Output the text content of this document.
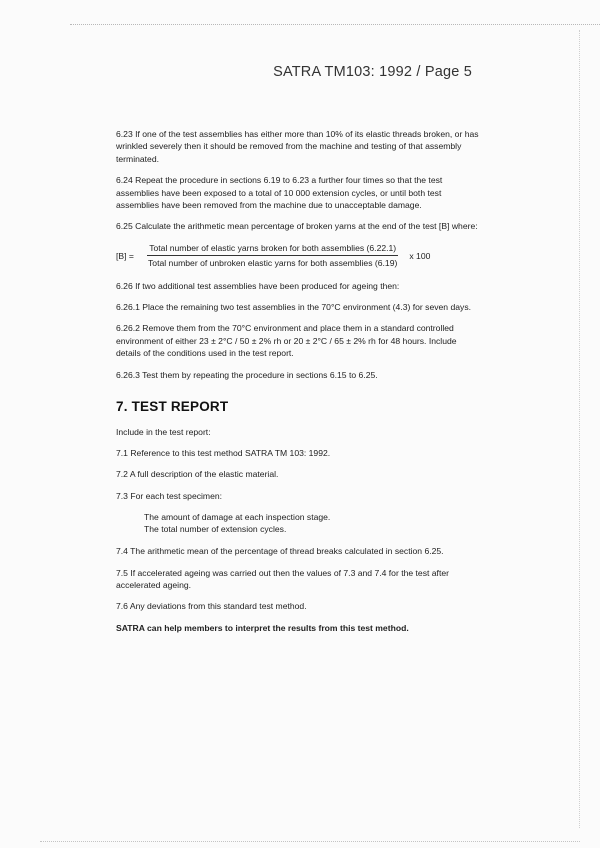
SATRA TM103: 1992 / Page 5

6.23 If one of the test assemblies has either more than 10% of its elastic threads broken, or has wrinkled severely then it should be removed from the machine and testing of that assembly terminated.

6.24 Repeat the procedure in sections 6.19 to 6.23 a further four times so that the test assemblies have been exposed to a total of 10 000 extension cycles, or until both test assemblies have been removed from the machine due to unacceptable damage.

6.25 Calculate the arithmetic mean percentage of broken yarns at the end of the test [B] where:

[B] =
Total number of elastic yarns broken for both assemblies (6.22.1)
Total number of unbroken elastic yarns for both assemblies (6.19)
x 100

6.26 If two additional test assemblies have been produced for ageing then:

6.26.1 Place the remaining two test assemblies in the 70°C environment (4.3) for seven days.

6.26.2 Remove them from the 70°C environment and place them in a standard controlled environment of either 23 ± 2°C / 50 ± 2% rh or 20 ± 2°C / 65 ± 2% rh for 48 hours. Include details of the conditions used in the test report.

6.26.3 Test them by repeating the procedure in sections 6.15 to 6.25.

7. TEST REPORT

Include in the test report:

7.1 Reference to this test method SATRA TM 103: 1992.

7.2 A full description of the elastic material.

7.3 For each test specimen:

The amount of damage at each inspection stage.
The total number of extension cycles.

7.4 The arithmetic mean of the percentage of thread breaks calculated in section 6.25.

7.5 If accelerated ageing was carried out then the values of 7.3 and 7.4 for the test after accelerated ageing.

7.6 Any deviations from this standard test method.

SATRA can help members to interpret the results from this test method.
